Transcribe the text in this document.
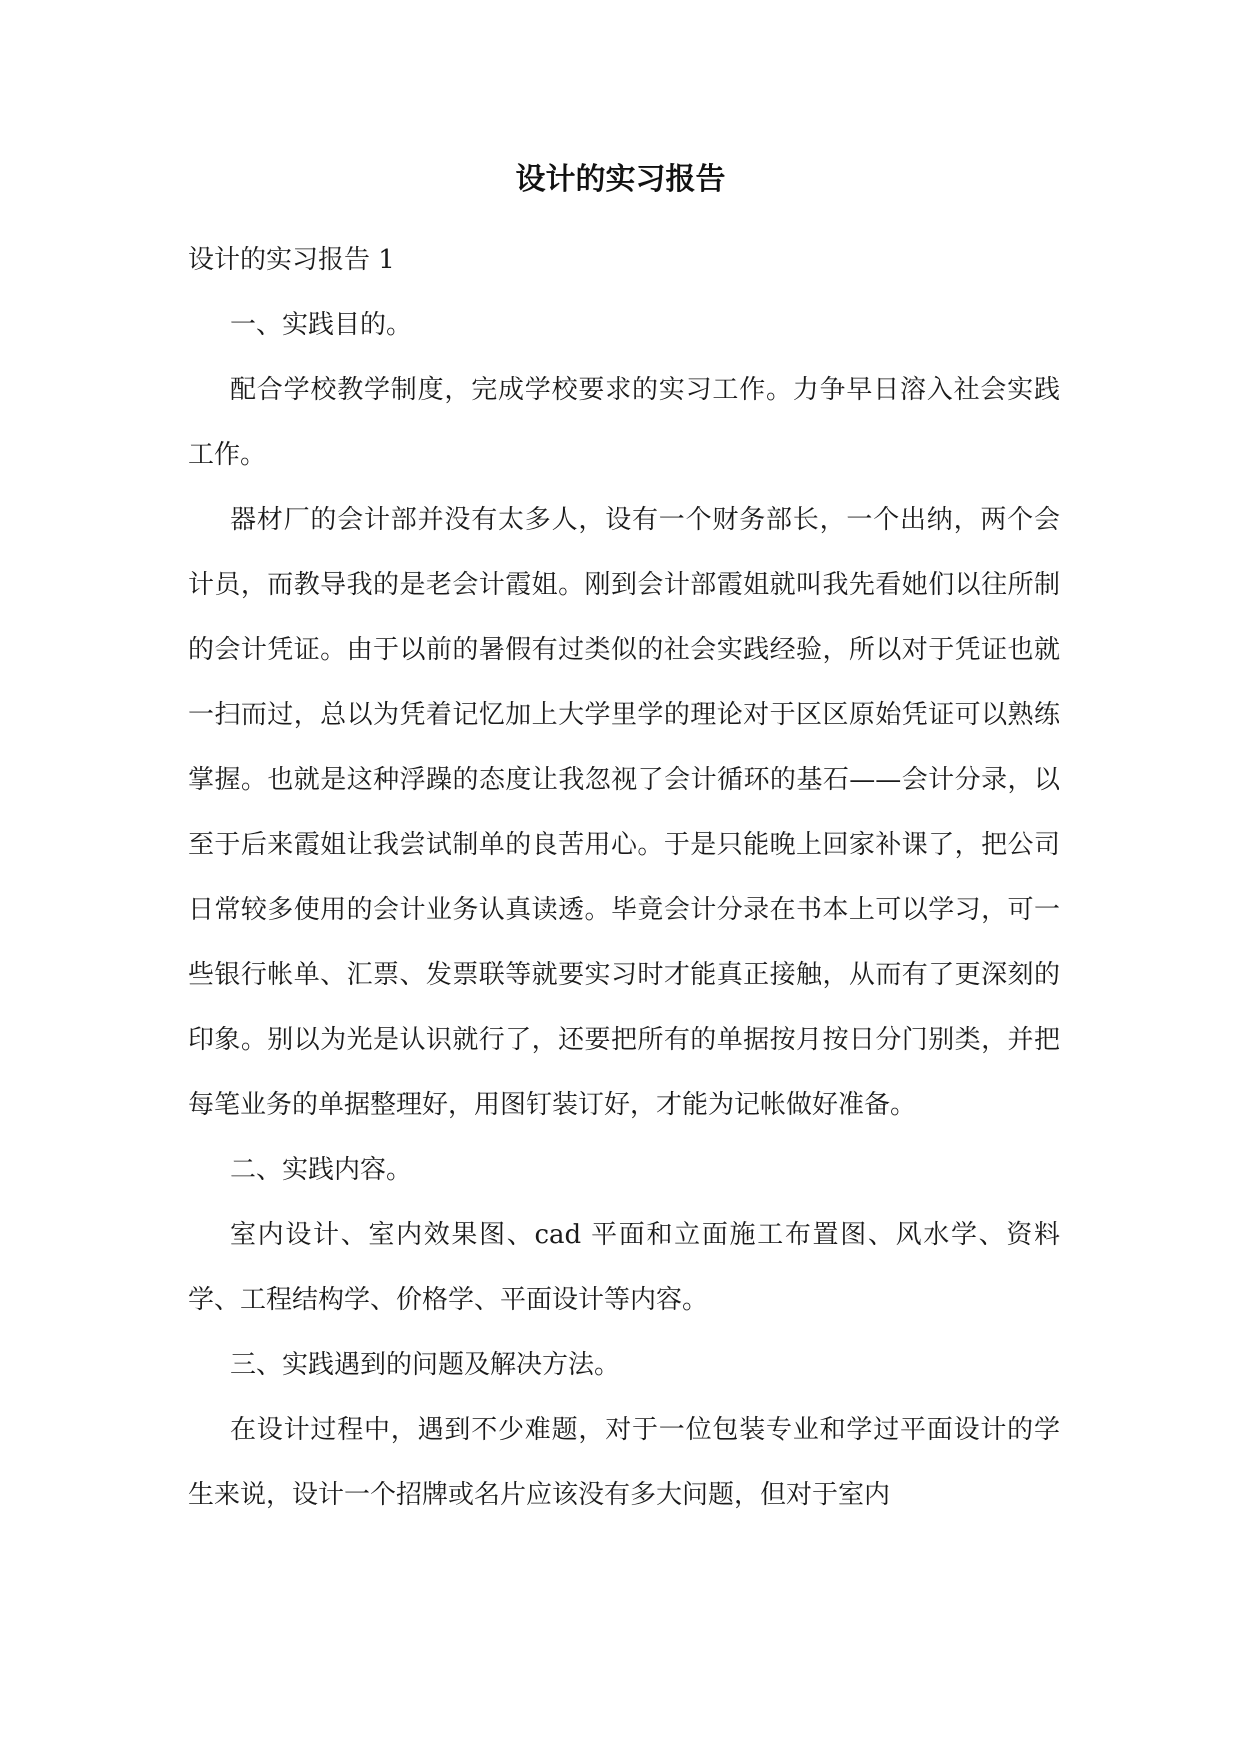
设计的实习报告

设计的实习报告 1

一、实践目的。

配合学校教学制度，完成学校要求的实习工作。力争早日溶入社会实践工作。

器材厂的会计部并没有太多人，设有一个财务部长，一个出纳，两个会计员，而教导我的是老会计霞姐。刚到会计部霞姐就叫我先看她们以往所制的会计凭证。由于以前的暑假有过类似的社会实践经验，所以对于凭证也就一扫而过，总以为凭着记忆加上大学里学的理论对于区区原始凭证可以熟练掌握。也就是这种浮躁的态度让我忽视了会计循环的基石——会计分录，以至于后来霞姐让我尝试制单的良苦用心。于是只能晚上回家补课了，把公司日常较多使用的会计业务认真读透。毕竟会计分录在书本上可以学习，可一些银行帐单、汇票、发票联等就要实习时才能真正接触，从而有了更深刻的印象。别以为光是认识就行了，还要把所有的单据按月按日分门别类，并把每笔业务的单据整理好，用图钉装订好，才能为记帐做好准备。

二、实践内容。

室内设计、室内效果图、cad 平面和立面施工布置图、风水学、资料学、工程结构学、价格学、平面设计等内容。

三、实践遇到的问题及解决方法。

在设计过程中，遇到不少难题，对于一位包装专业和学过平面设计的学生来说，设计一个招牌或名片应该没有多大问题，但对于室内
